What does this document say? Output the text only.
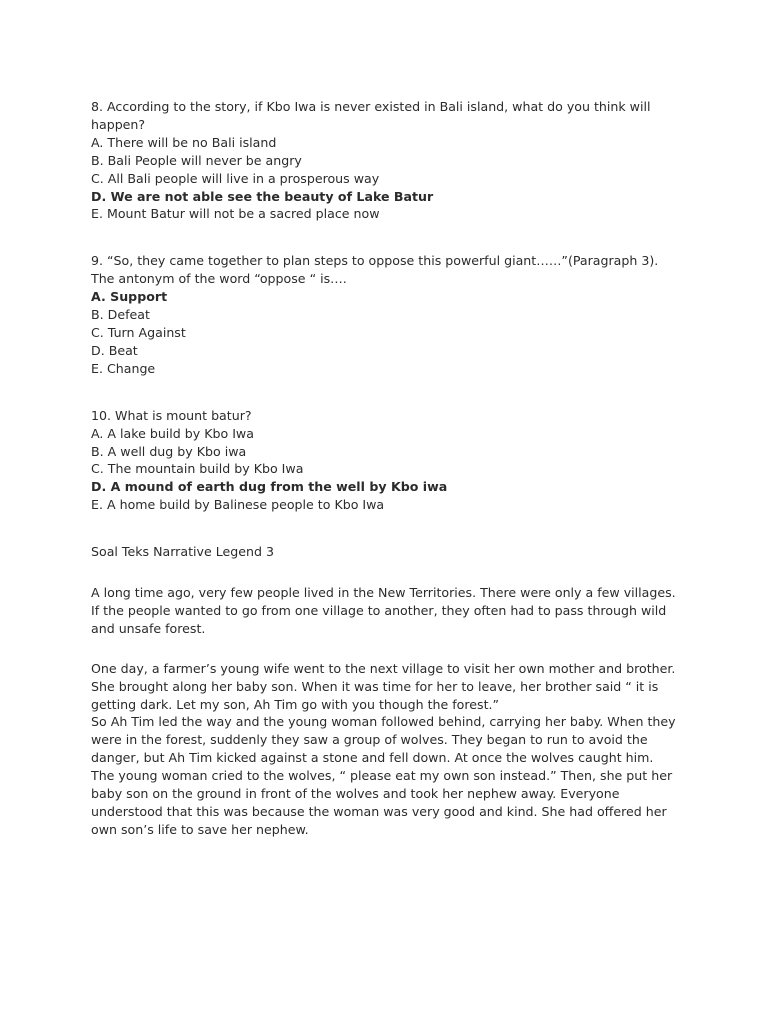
8. According to the story, if Kbo Iwa is never existed in Bali island, what do you think will happen?

A. There will be no Bali island

B. Bali People will never be angry

C. All Bali people will live in a prosperous way

D. We are not able see the beauty of Lake Batur

E. Mount Batur will not be a sacred place now

9. “So, they came together to plan steps to oppose this powerful giant……”(Paragraph 3). The antonym of the word “oppose “ is….

A. Support

B. Defeat

C. Turn Against

D. Beat

E. Change

10. What is mount batur?

A. A lake build by Kbo Iwa

B. A well dug by Kbo iwa

C. The mountain build by Kbo Iwa

D. A mound of earth dug from the well by Kbo iwa

E. A home build by Balinese people to Kbo Iwa

Soal Teks Narrative Legend 3

A long time ago, very few people lived in the New Territories. There were only a few villages. If the people wanted to go from one village to another, they often had to pass through wild and unsafe forest.

One day, a farmer’s young wife went to the next village to visit her own mother and brother. She brought along her baby son. When it was time for her to leave, her brother said “ it is getting dark. Let my son, Ah Tim go with you though the forest.”

So Ah Tim led the way and the young woman followed behind, carrying her baby. When they were in the forest, suddenly they saw a group of wolves. They began to run to avoid the danger, but Ah Tim kicked against a stone and fell down. At once the wolves caught him. The young woman cried to the wolves, “ please eat my own son instead.” Then, she put her baby son on the ground in front of the wolves and took her nephew away. Everyone understood that this was because the woman was very good and kind. She had offered her own son’s life to save her nephew.
